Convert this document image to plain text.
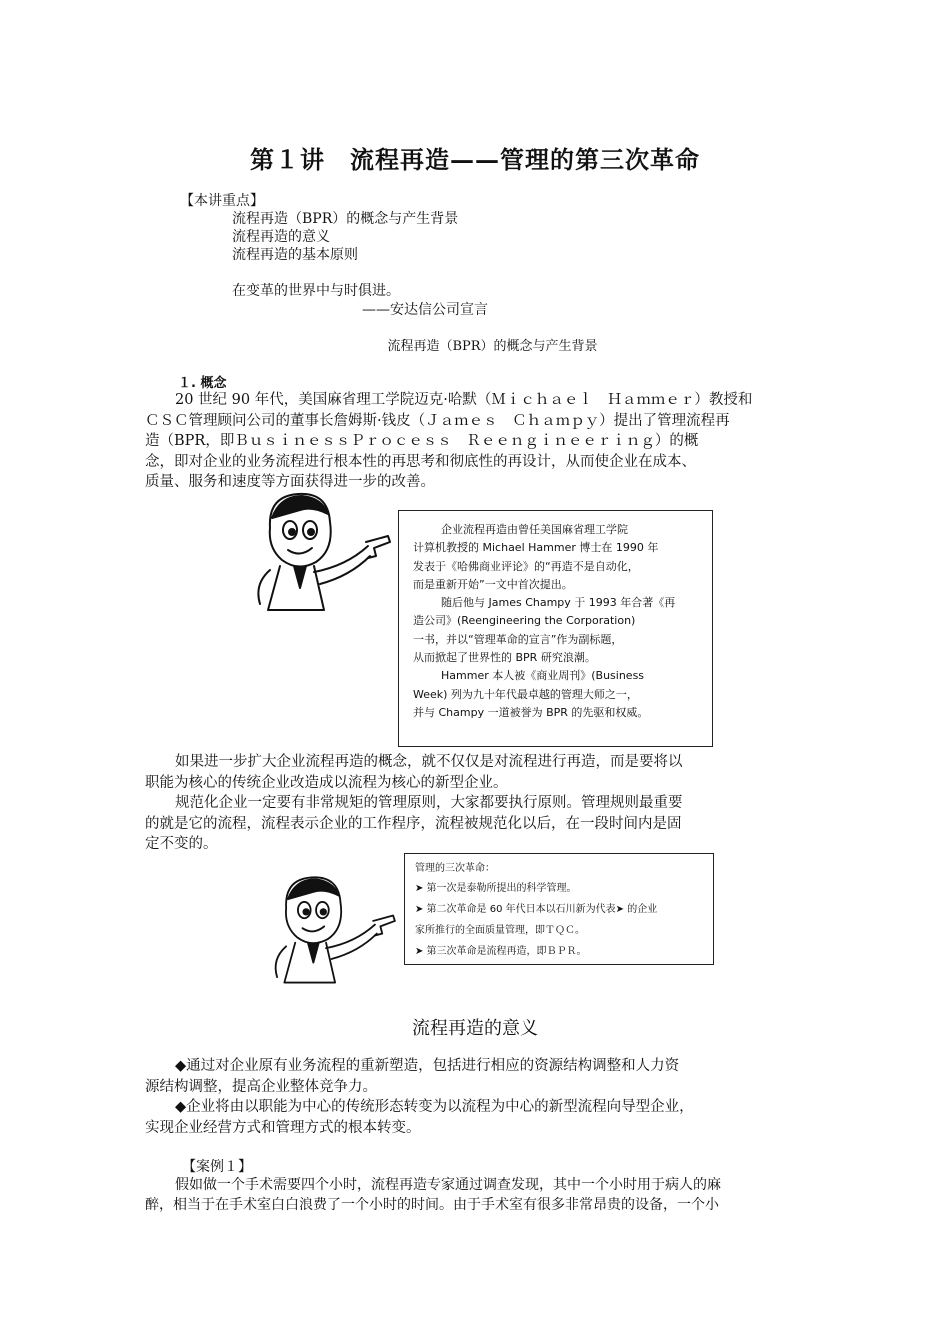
第１讲　流程再造——管理的第三次革命
【本讲重点】
流程再造（BPR）的概念与产生背景
流程再造的意义
流程再造的基本原则
在变革的世界中与时俱进。
——安达信公司宣言
流程再造（BPR）的概念与产生背景
１. 概念
20 世纪 90 年代，美国麻省理工学院迈克·哈默（Ｍｉｃｈａｅｌ　Ｈａｍｍｅｒ）教授和
ＣＳＣ管理顾问公司的董事长詹姆斯·钱皮（Ｊａｍｅｓ　Ｃｈａｍｐｙ）提出了管理流程再
造（BPR，即ＢｕｓｉｎｅｓｓＰｒｏｃｅｓｓ　Ｒｅｅｎｇｉｎｅｅｒｉｎｇ）的概
念，即对企业的业务流程进行根本性的再思考和彻底性的再设计，从而使企业在成本、
质量、服务和速度等方面获得进一步的改善。
企业流程再造由曾任美国麻省理工学院
计算机教授的 Michael Hammer 博士在 1990 年
发表于《哈佛商业评论》的“再造不是自动化，
而是重新开始”一文中首次提出。
随后他与 James Champy 于 1993 年合著《再
造公司》(Reengineering the Corporation)
一书，并以“管理革命的宣言”作为副标题，
从而掀起了世界性的 BPR 研究浪潮。
Hammer 本人被《商业周刊》(Business
Week) 列为九十年代最卓越的管理大师之一，
并与 Champy 一道被誉为 BPR 的先驱和权威。
如果进一步扩大企业流程再造的概念，就不仅仅是对流程进行再造，而是要将以
职能为核心的传统企业改造成以流程为核心的新型企业。
规范化企业一定要有非常规矩的管理原则，大家都要执行原则。管理规则最重要
的就是它的流程，流程表示企业的工作程序，流程被规范化以后，在一段时间内是固
定不变的。
管理的三次革命：
➤ 第一次是泰勒所提出的科学管理。
➤ 第二次革命是 60 年代日本以石川新为代表➤ 的企业
家所推行的全面质量管理，即ＴＱＣ。
➤ 第三次革命是流程再造，即ＢＰＲ。
流程再造的意义
◆通过对企业原有业务流程的重新塑造，包括进行相应的资源结构调整和人力资
源结构调整，提高企业整体竞争力。
◆企业将由以职能为中心的传统形态转变为以流程为中心的新型流程向导型企业，
实现企业经营方式和管理方式的根本转变。
【案例１】
假如做一个手术需要四个小时，流程再造专家通过调查发现，其中一个小时用于病人的麻
醉，相当于在手术室白白浪费了一个小时的时间。由于手术室有很多非常昂贵的设备，一个小
